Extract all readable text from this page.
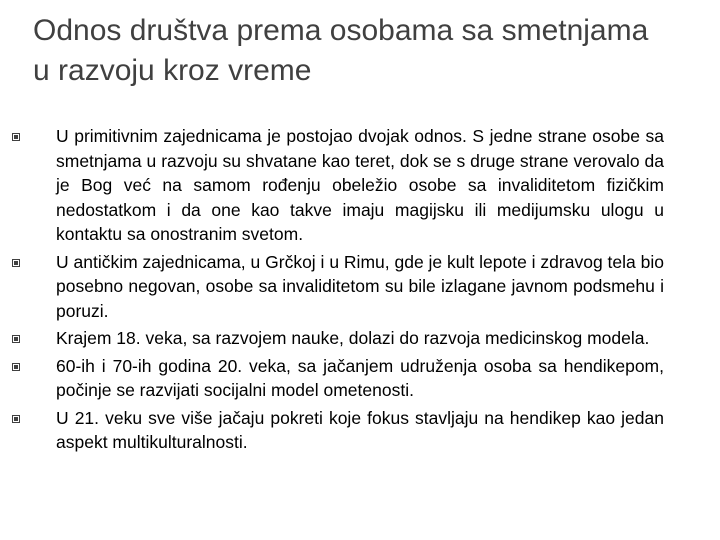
Odnos društva prema osobama sa smetnjama u razvoju kroz vreme
U primitivnim zajednicama je postojao dvojak odnos. S jedne strane osobe sa smetnjama u razvoju su shvatane kao teret, dok se s druge strane verovalo da je Bog već na samom rođenju obeležio osobe sa invaliditetom fizičkim nedostatkom i da one kao takve imaju magijsku ili medijumsku ulogu u kontaktu sa onostranim svetom.
U antičkim zajednicama, u Grčkoj i u Rimu, gde je kult lepote i zdravog tela bio posebno negovan, osobe sa invaliditetom su bile izlagane javnom podsmehu i poruzi.
Krajem 18. veka, sa razvojem nauke, dolazi do razvoja medicinskog modela.
60-ih i 70-ih godina 20. veka, sa jačanjem udruženja osoba sa hendikepom, počinje se razvijati socijalni model ometenosti.
U 21. veku sve više jačaju pokreti koje fokus stavljaju na hendikep kao jedan aspekt multikulturalnosti.
